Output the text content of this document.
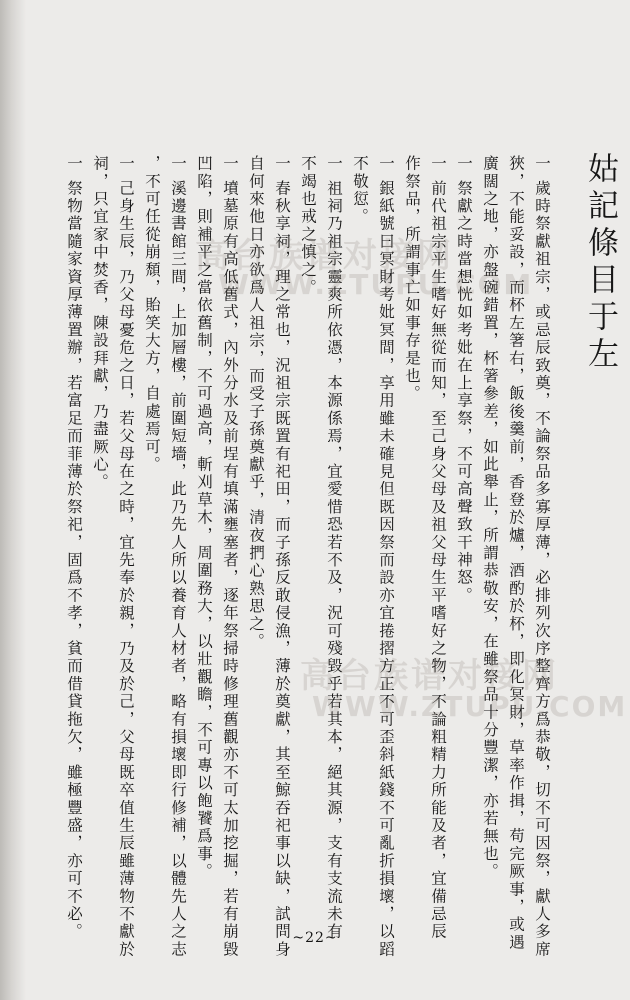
姑記條目于左
一歲時祭獻祖宗，或忌辰致奠，不論祭品多寡厚薄，必排列次序整齊方爲恭敬，切不可因祭，獻人多席
狹，不能妥設，而杯左箸右，飯後羹前，香登於爐，酒酌於杯，即化冥財，草率作揖，苟完厥事，或遇
廣闊之地，亦盤碗錯置，杯箸參差，如此舉止，所謂恭敬安，在雖祭品十分豐潔，亦若無也。
一祭獻之時當想恍如考妣在上享祭，不可高聲致干神怒。
一前代祖宗平生嗜好無從而知，至己身父母及祖父母生平嗜好之物，不論粗精力所能及者，宜備忌辰
作祭品，所謂事亡如事存是也。
一銀紙號曰冥財考妣冥間，享用雖未確見但既因祭而設亦宜捲摺方正不可歪斜紙錢不可亂折損壞，以蹈
不敬愆。
一祖祠乃祖宗靈爽所依憑，本源係焉，宜愛惜恐若不及，況可殘毀乎若其本，絕其源，支有支流未有
不竭也戒之慎之。
一春秋享祠，理之常也，況祖宗既置有祀田，而子孫反敢侵漁，薄於奠獻，其至鯨吞祀事以缺，試問身
自何來他日亦欲爲人祖宗，而受子孫奠獻乎，清夜捫心熟思之。
一墳墓原有高低舊式，內外分水及前埕有填滿壅塞者，逐年祭掃時修理舊觀亦不可太加挖掘，若有崩毀
凹陷，則補平之當依舊制，不可過高，斬刈草木，周圍務大，以壯觀瞻，不可專以飽饕爲事。
一溪邊書館三間，上加層樓，前圍短墻，此乃先人所以養育人材者，略有損壞即行修補，以體先人之志
，不可任從崩頹，貽笑大方，自處焉可。
一己身生辰，乃父母憂危之日，若父母在之時，宜先奉於親，乃及於己，父母既卒值生辰雖薄物不獻於
祠，只宜家中焚香，陳設拜獻，乃盡厥心。
一祭物當隨家資厚薄置辦，若富足而菲薄於祭祀，固爲不孝，貧而借貸拖欠，雖極豐盛，亦可不必。	高台族谱对接网
WWW.ZTUPU.COM
高台族谱对接网
WWW.ZTUPU.COM

~22~
